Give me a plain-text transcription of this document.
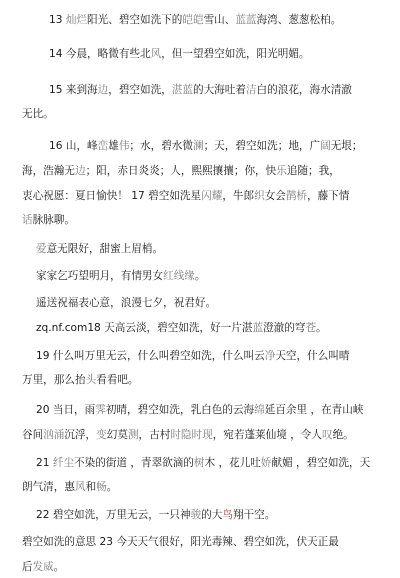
13 灿烂阳光、碧空如洗下的皑皑雪山、蓝蓝海湾、葱葱松柏。
14 今晨，略微有些北风，但一望碧空如洗，阳光明媚。
15 来到海边，碧空如洗，湛蓝的大海吐着洁白的浪花，海水清澈
无比。
16 山，峰峦雄伟；水，碧水微澜；天，碧空如洗；地，广阔无垠；
海，浩瀚无边；阳，赤日炎炎；人，熙熙攘攘；你，快乐追随；我，
衷心祝愿：夏日愉快！ 17 碧空如洗星闪耀，牛郎织女会鹊桥，藤下情
话脉脉聊。
爱意无限好，甜蜜上眉梢。
家家乞巧望明月，有情男女红线缘。
遥送祝福表心意，浪漫七夕，祝君好。
zq.nf.com18 天高云淡，碧空如洗，好一片湛蓝澄澈的穹苍。
19 什么叫万里无云，什么叫碧空如洗，什么叫云净天空，什么叫晴
万里，那么抬头看看吧。
20 当日，雨霁初晴，碧空如洗，乳白色的云海绵延百余里 ，在青山峡
谷间汹涌沉浮，变幻莫测，古村时隐时现，宛若蓬莱仙境 ，令人叹绝。
21 纤尘不染的街道 ，青翠欲滴的树木 ，花儿吐娇献媚 ，碧空如洗，天
朗气清，惠风和畅。
22 碧空如洗，万里无云，一只神骏的大鸟翔干空。
碧空如洗的意思 23 今天天气很好，阳光毒辣、碧空如洗，伏天正最
后发威。
